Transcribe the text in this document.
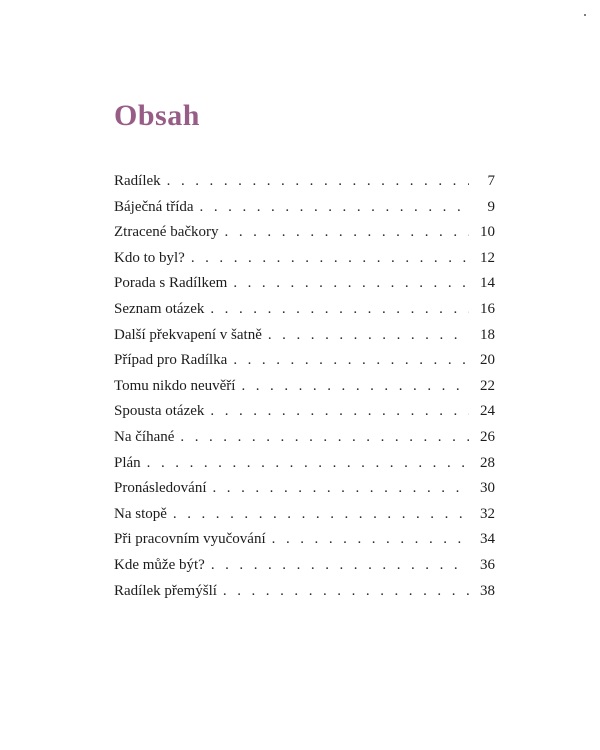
Obsah
Radílek . . .	7
Báječná třída . . .	9
Ztracené bačkory . . .	10
Kdo to byl? . . .	12
Porada s Radílkem . . .	14
Seznam otázek . . .	16
Další překvapení v šatně . . .	18
Případ pro Radílka . . .	20
Tomu nikdo neuvěří . . .	22
Spousta otázek . . .	24
Na číhané . . .	26
Plán . . .	28
Pronásledování . . .	30
Na stopě . . .	32
Při pracovním vyučování . . .	34
Kde může být? . . .	36
Radílek přemýšlí . . .	38
